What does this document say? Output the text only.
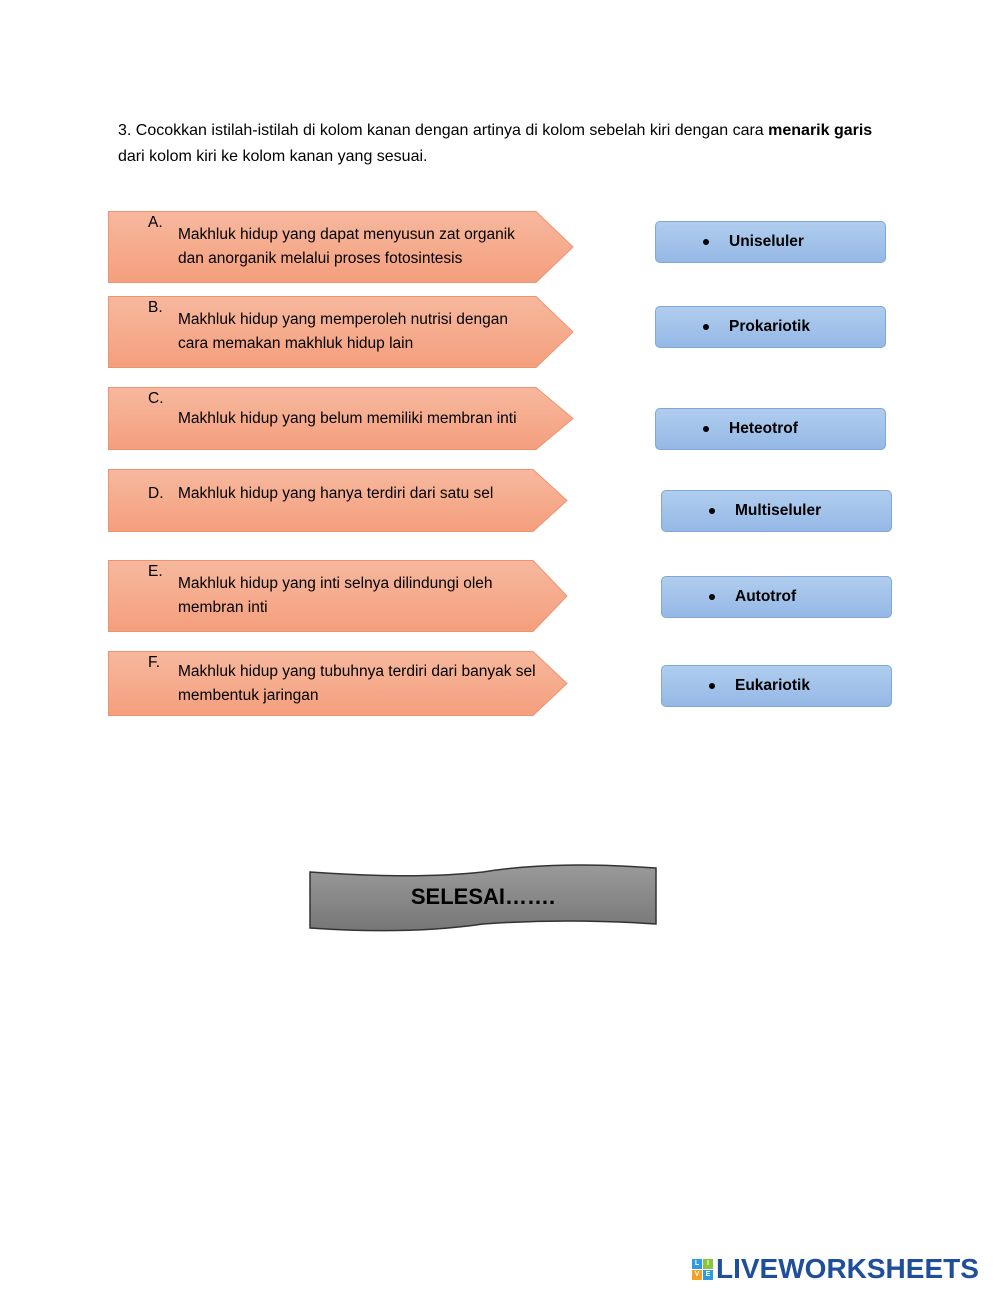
3. Cocokkan istilah-istilah di kolom kanan dengan artinya di kolom sebelah kiri dengan cara menarik garis dari kolom kiri ke kolom kanan yang sesuai.
A.
Makhluk hidup yang dapat menyusun zat organik dan anorganik melalui proses fotosintesis
B.
Makhluk hidup yang memperoleh nutrisi dengan cara memakan makhluk hidup lain
C.
Makhluk hidup yang belum memiliki membran inti
D. Makhluk hidup yang hanya terdiri dari satu sel
E.
Makhluk hidup yang inti selnya dilindungi oleh membran inti
F.	Makhluk hidup yang tubuhnya terdiri dari banyak sel membentuk jaringan
Uniseluler
Prokariotik
Heteotrof
Multiseluler
Autotrof
Eukariotik
SELESAI…….
L	I
V E LIVEWORKSHEETS
